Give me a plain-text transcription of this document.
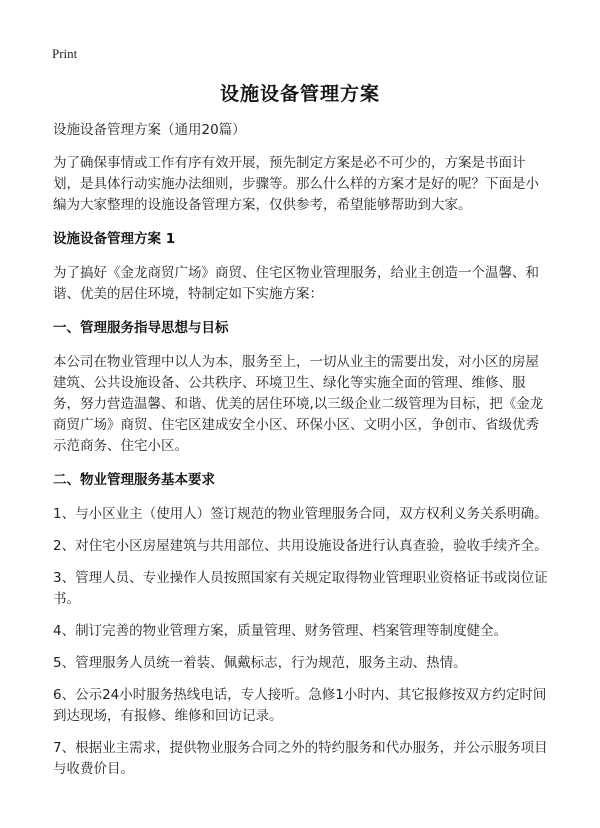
Print
设施设备管理方案

设施设备管理方案（通用20篇）

为了确保事情或工作有序有效开展，预先制定方案是必不可少的，方案是书面计划，是具体行动实施办法细则，步骤等。那么什么样的方案才是好的呢？下面是小编为大家整理的设施设备管理方案，仅供参考，希望能够帮助到大家。

设施设备管理方案 1

为了搞好《金龙商贸广场》商贸、住宅区物业管理服务，给业主创造一个温馨、和谐、优美的居住环境，特制定如下实施方案：

一、管理服务指导思想与目标

本公司在物业管理中以人为本，服务至上，一切从业主的需要出发，对小区的房屋建筑、公共设施设备、公共秩序、环境卫生、绿化等实施全面的管理、维修、服务，努力营造温馨、和谐、优美的居住环境,以三级企业二级管理为目标，把《金龙商贸广场》商贸、住宅区建成安全小区、环保小区、文明小区，争创市、省级优秀示范商务、住宅小区。

二、物业管理服务基本要求

1、与小区业主（使用人）签订规范的物业管理服务合同，双方权利义务关系明确。

2、对住宅小区房屋建筑与共用部位、共用设施设备进行认真查验，验收手续齐全。

3、管理人员、专业操作人员按照国家有关规定取得物业管理职业资格证书或岗位证书。

4、制订完善的物业管理方案，质量管理、财务管理、档案管理等制度健全。

5、管理服务人员统一着装、佩戴标志，行为规范，服务主动、热情。

6、公示24小时服务热线电话，专人接听。急修1小时内、其它报修按双方约定时间到达现场，有报修、维修和回访记录。

7、根据业主需求，提供物业服务合同之外的特约服务和代办服务，并公示服务项目与收费价目。
